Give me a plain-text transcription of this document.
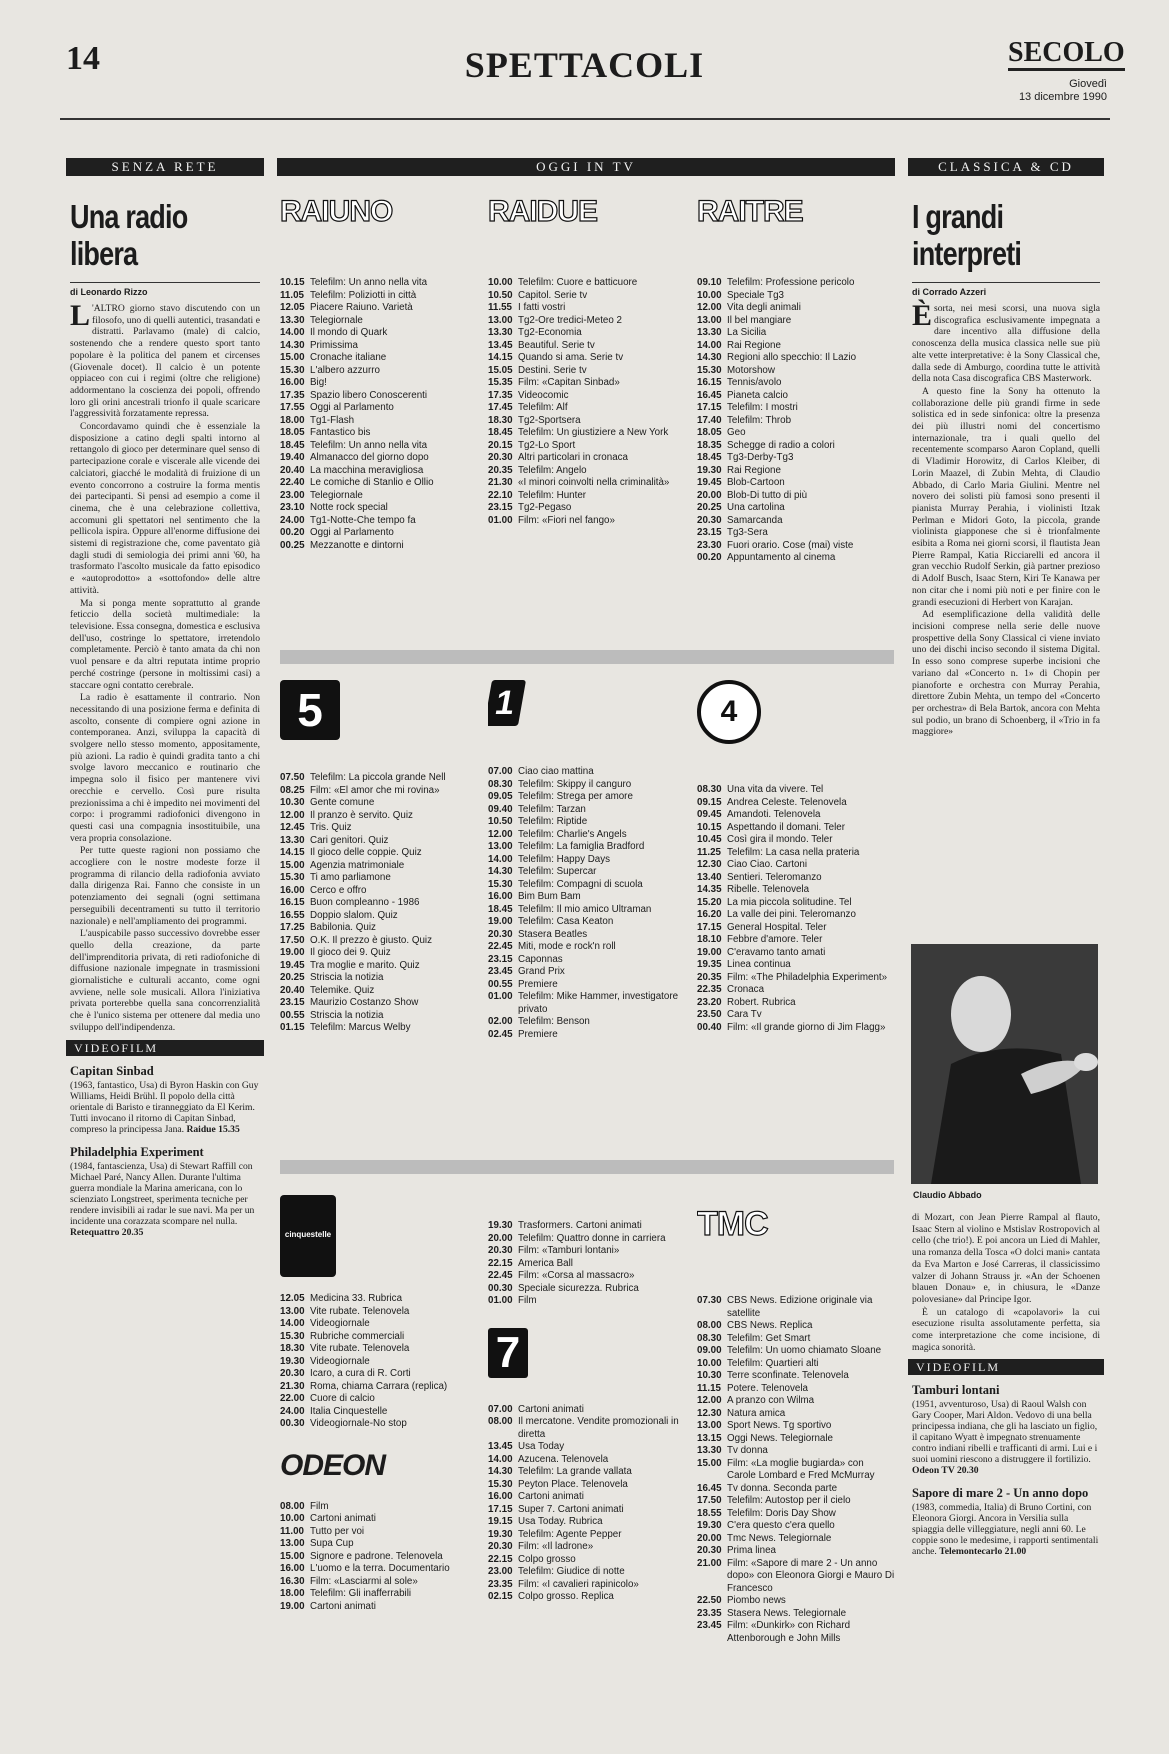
14	SPETTACOLI	SECOLO
Giovedì
13 dicembre 1990
SENZA RETE
Una radio
libera
di Leonardo Rizzo

L 'ALTRO giorno stavo discutendo con un filosofo, uno di quelli autentici, trasandati e distratti. Parlavamo (male) di calcio, sostenendo che a rendere questo sport tanto popolare è la politica del panem et circenses (Giovenale docet). Il calcio è un potente oppiaceo con cui i regimi (oltre che religione) addormentano la coscienza dei popoli, offrendo loro gli orini ancestrali trionfo il quale scaricare l'aggressività forzatamente repressa.

Concordavamo quindi che è essenziale la disposizione a catino degli spalti intorno al rettangolo di gioco per determinare quel senso di partecipazione corale e viscerale alle vicende dei calciatori, giacché le modalità di fruizione di un evento concorrono a costruire la forma mentis dei partecipanti. Si pensi ad esempio a come il cinema, che è una celebrazione collettiva, accomuni gli spettatori nel sentimento che la pellicola ispira. Oppure all'enorme diffusione dei sistemi di registrazione che, come paventato già dagli studi di semiologia dei primi anni '60, ha trasformato l'ascolto musicale da fatto episodico e «autoprodotto» a «sottofondo» delle altre attività.

Ma si ponga mente soprattutto al grande feticcio della società multimediale: la televisione. Essa consegna, domestica e esclusiva dell'uso, costringe lo spettatore, irretendolo completamente. Perciò è tanto amata da chi non vuol pensare e da altri reputata intime proprio perché costringe (persone in moltissimi casi) a staccare ogni contatto cerebrale.

La radio è esattamente il contrario. Non necessitando di una posizione ferma e definita di ascolto, consente di compiere ogni azione in contemporanea. Anzi, sviluppa la capacità di svolgere nello stesso momento, appositamente, più azioni. La radio è quindi gradita tanto a chi svolge lavoro meccanico e routinario che impegna solo il fisico per mantenere vivi orecchie e cervello. Così pure risulta prezionissima a chi è impedito nei movimenti del corpo: i programmi radiofonici divengono in questi casi una compagnia insostituibile, una vera propria consolazione.

Per tutte queste ragioni non possiamo che accogliere con le nostre modeste forze il programma di rilancio della radiofonia avviato dalla dirigenza Rai. Fanno che consiste in un potenziamento dei segnali (ogni settimana perseguibili decentramenti su tutto il territorio nazionale) e nell'ampliamento dei programmi.

L'auspicabile passo successivo dovrebbe esser quello della creazione, da parte dell'imprenditoria privata, di reti radiofoniche di diffusione nazionale impegnate in trasmissioni giornalistiche e culturali accanto, come ogni avviene, nelle sole musicali. Allora l'iniziativa privata porterebbe quella sana concorrenzialità che è l'unico sistema per ottenere dal media uno sviluppo dell'indipendenza.

VIDEOFILM
Capitan Sinbad
(1963, fantastico, Usa) di Byron Haskin con Guy Williams, Heidi Brühl. Il popolo della città orientale di Baristo e tiranneggiato da El Kerim. Tutti invocano il ritorno di Capitan Sinbad, compreso la principessa Jana. Raidue 15.35
Philadelphia Experiment
(1984, fantascienza, Usa) di Stewart Raffill con Michael Paré, Nancy Allen. Durante l'ultima guerra mondiale la Marina americana, con lo scienziato Longstreet, sperimenta tecniche per rendere invisibili ai radar le sue navi. Ma per un incidente una corazzata scompare nel nulla. Retequattro 20.35
OGGI IN TV
RAIUNO
10.15 Telefilm: Un anno nella vita
11.05 Telefilm: Poliziotti in città
12.05 Piacere Raiuno. Varietà
13.30 Telegiornale
14.00 Il mondo di Quark
14.30 Primissima
15.00 Cronache italiane
15.30 L'albero azzurro
16.00 Big!
17.35 Spazio libero Conoscerenti
17.55 Oggi al Parlamento
18.00 Tg1-Flash
18.05 Fantastico bis
18.45 Telefilm: Un anno nella vita
19.40 Almanacco del giorno dopo
20.40 La macchina meravigliosa
22.40 Le comiche di Stanlio e Ollio
23.00 Telegiornale
23.10 Notte rock special
24.00 Tg1-Notte-Che tempo fa
00.20 Oggi al Parlamento
00.25 Mezzanotte e dintorni
RAIDUE
10.00 Telefilm: Cuore e batticuore
10.50 Capitol. Serie tv
11.55 I fatti vostri
13.00 Tg2-Ore tredici-Meteo 2
13.30 Tg2-Economia
13.45 Beautiful. Serie tv
14.15 Quando si ama. Serie tv
15.05 Destini. Serie tv
15.35 Film: «Capitan Sinbad»
17.35 Videocomic
17.45 Telefilm: Alf
18.30 Tg2-Sportsera
18.45 Telefilm: Un giustiziere a New York
20.15 Tg2-Lo Sport
20.30 Altri particolari in cronaca
20.35 Telefilm: Angelo
21.30 «I minori coinvolti nella criminalità»
22.10 Telefilm: Hunter
23.15 Tg2-Pegaso
01.00 Film: «Fiori nel fango»
RAITRE
09.10 Telefilm: Professione pericolo
10.00 Speciale Tg3
12.00 Vita degli animali
13.00 Il bel mangiare
13.30 La Sicilia
14.00 Rai Regione
14.30 Regioni allo specchio: Il Lazio
15.30 Motorshow
16.15 Tennis/avolo
16.45 Pianeta calcio
17.15 Telefilm: I mostri
17.40 Telefilm: Throb
18.05 Geo
18.35 Schegge di radio a colori
18.45 Tg3-Derby-Tg3
19.30 Rai Regione
19.45 Blob-Cartoon
20.00 Blob-Di tutto di più
20.25 Una cartolina
20.30 Samarcanda
23.15 Tg3-Sera
23.30 Fuori orario. Cose (mai) viste
00.20 Appuntamento al cinema
5
07.50 Telefilm: La piccola grande Nell
08.25 Film: «El amor che mi rovina»
10.30 Gente comune
12.00 Il pranzo è servito. Quiz
12.45 Tris. Quiz
13.30 Cari genitori. Quiz
14.15 Il gioco delle coppie. Quiz
15.00 Agenzia matrimoniale
15.30 Ti amo parliamone
16.00 Cerco e offro
16.15 Buon compleanno - 1986
16.55 Doppio slalom. Quiz
17.25 Babilonia. Quiz
17.50 O.K. Il prezzo è giusto. Quiz
19.00 Il gioco dei 9. Quiz
19.45 Tra moglie e marito. Quiz
20.25 Striscia la notizia
20.40 Telemike. Quiz
23.15 Maurizio Costanzo Show
00.55 Striscia la notizia
01.15 Telefilm: Marcus Welby
1
07.00 Ciao ciao mattina
08.30 Telefilm: Skippy il canguro
09.05 Telefilm: Strega per amore
09.40 Telefilm: Tarzan
10.50 Telefilm: Riptide
12.00 Telefilm: Charlie's Angels
13.00 Telefilm: La famiglia Bradford
14.00 Telefilm: Happy Days
14.30 Telefilm: Supercar
15.30 Telefilm: Compagni di scuola
16.00 Bim Bum Bam
18.45 Telefilm: Il mio amico Ultraman
19.00 Telefilm: Casa Keaton
20.30 Stasera Beatles
22.45 Miti, mode e rock'n roll
23.15 Caponnas
23.45 Grand Prix
00.55 Premiere
01.00 Telefilm: Mike Hammer, investigatore privato
02.00 Telefilm: Benson
02.45 Premiere
4
08.30 Una vita da vivere. Tel
09.15 Andrea Celeste. Telenovela
09.45 Amandoti. Telenovela
10.15 Aspettando il domani. Teler
10.45 Così gira il mondo. Teler
11.25 Telefilm: La casa nella prateria
12.30 Ciao Ciao. Cartoni
13.40 Sentieri. Teleromanzo
14.35 Ribelle. Telenovela
15.20 La mia piccola solitudine. Tel
16.20 La valle dei pini. Teleromanzo
17.15 General Hospital. Teler
18.10 Febbre d'amore. Teler
19.00 C'eravamo tanto amati
19.35 Linea continua
20.35 Film: «The Philadelphia Experiment»
22.35 Cronaca
23.20 Robert. Rubrica
23.50 Cara Tv
00.40 Film: «Il grande giorno di Jim Flagg»
cinquestelle
12.05 Medicina 33. Rubrica
13.00 Vite rubate. Telenovela
14.00 Videogiornale
15.30 Rubriche commerciali
18.30 Vite rubate. Telenovela
19.30 Videogiornale
20.30 Icaro, a cura di R. Corti
21.30 Roma, chiama Carrara (replica)
22.00 Cuore di calcio
24.00 Italia Cinquestelle
00.30 Videogiornale-No stop
ODEON
08.00 Film
10.00 Cartoni animati
11.00 Tutto per voi
13.00 Supa Cup
15.00 Signore e padrone. Telenovela
16.00 L'uomo e la terra. Documentario
16.30 Film: «Lasciarmi al sole»
18.00 Telefilm: Gli inafferrabili
19.00 Cartoni animati
19.30 Trasformers. Cartoni animati
20.00 Telefilm: Quattro donne in carriera
20.30 Film: «Tamburi lontani»
22.15 America Ball
22.45 Film: «Corsa al massacro»
00.30 Speciale sicurezza. Rubrica
01.00 Film
7
07.00 Cartoni animati
08.00 Il mercatone. Vendite promozionali in diretta
13.45 Usa Today
14.00 Azucena. Telenovela
14.30 Telefilm: La grande vallata
15.30 Peyton Place. Telenovela
16.00 Cartoni animati
17.15 Super 7. Cartoni animati
19.15 Usa Today. Rubrica
19.30 Telefilm: Agente Pepper
20.30 Film: «Il ladrone»
22.15 Colpo grosso
23.00 Telefilm: Giudice di notte
23.35 Film: «I cavalieri rapinicolo»
02.15 Colpo grosso. Replica
TMC
07.30 CBS News. Edizione originale via satellite
08.00 CBS News. Replica
08.30 Telefilm: Get Smart
09.00 Telefilm: Un uomo chiamato Sloane
10.00 Telefilm: Quartieri alti
10.30 Terre sconfinate. Telenovela
11.15 Potere. Telenovela
12.00 A pranzo con Wilma
12.30 Natura amica
13.00 Sport News. Tg sportivo
13.15 Oggi News. Telegiornale
13.30 Tv donna
15.00 Film: «La moglie bugiarda» con Carole Lombard e Fred McMurray
16.45 Tv donna. Seconda parte
17.50 Telefilm: Autostop per il cielo
18.55 Telefilm: Doris Day Show
19.30 C'era questo c'era quello
20.00 Tmc News. Telegiornale
20.30 Prima linea
21.00 Film: «Sapore di mare 2 - Un anno dopo» con Eleonora Giorgi e Mauro Di Francesco
22.50 Piombo news
23.35 Stasera News. Telegiornale
23.45 Film: «Dunkirk» con Richard Attenborough e John Mills
CLASSICA & CD
I grandi
interpreti
di Corrado Azzeri

Èsorta, nei mesi scorsi, una nuova sigla discografica esclusivamente impegnata a dare incentivo alla diffusione della conoscenza della musica classica nelle sue più alte vette interpretative: è la Sony Classical che, dalla sede di Amburgo, coordina tutte le attività della nota Casa discografica CBS Masterwork.

A questo fine la Sony ha ottenuto la collaborazione delle più grandi firme in sede solistica ed in sede sinfonica: oltre la presenza dei più illustri nomi del concertismo internazionale, tra i quali quello del recentemente scomparso Aaron Copland, quelli di Vladimir Horowitz, di Carlos Kleiber, di Lorin Maazel, di Zubin Mehta, di Claudio Abbado, di Carlo Maria Giulini. Mentre nel novero dei solisti più famosi sono presenti il pianista Murray Perahia, i violinisti Itzak Perlman e Midori Goto, la piccola, grande violinista giapponese che si è trionfalmente esibita a Roma nei giorni scorsi, il flautista Jean Pierre Rampal, Katia Ricciarelli ed ancora il gran vecchio Rudolf Serkin, già partner prezioso di Adolf Busch, Isaac Stern, Kiri Te Kanawa per non citar che i nomi più noti e per finire con le grandi esecuzioni di Herbert von Karajan.

Ad esemplificazione della validità delle incisioni comprese nella serie delle nuove prospettive della Sony Classical ci viene inviato uno dei dischi inciso secondo il sistema Digital. In esso sono comprese superbe incisioni che variano dal «Concerto n. 1» di Chopin per pianoforte e orchestra con Murray Perahia, direttore Zubin Mehta, un tempo del «Concerto per orchestra» di Bela Bartok, ancora con Mehta sul podio, un brano di Schoenberg, il «Trio in fa maggiore»

Claudio Abbado

di Mozart, con Jean Pierre Rampal al flauto, Isaac Stern al violino e Mstislav Rostropovich al cello (che trio!). E poi ancora un Lied di Mahler, una romanza della Tosca «O dolci mani» cantata da Eva Marton e José Carreras, il classicissimo valzer di Johann Strauss jr. «An der Schoenen blauen Donau» e, in chiusura, le «Danze polovesiane» dal Principe Igor.

È un catalogo di «capolavori» la cui esecuzione risulta assolutamente perfetta, sia come interpretazione che come incisione, di magica sonorità.

VIDEOFILM
Tamburi lontani
(1951, avventuroso, Usa) di Raoul Walsh con Gary Cooper, Mari Aldon. Vedovo di una bella principessa indiana, che gli ha lasciato un figlio, il capitano Wyatt è impegnato strenuamente contro indiani ribelli e trafficanti di armi. Lui e i suoi uomini riescono a distruggere il fortilizio. Odeon TV 20.30
Sapore di mare 2 - Un anno dopo
(1983, commedia, Italia) di Bruno Cortini, con Eleonora Giorgi. Ancora in Versilia sulla spiaggia delle villeggiature, negli anni 60. Le coppie sono le medesime, i rapporti sentimentali anche. Telemontecarlo 21.00
